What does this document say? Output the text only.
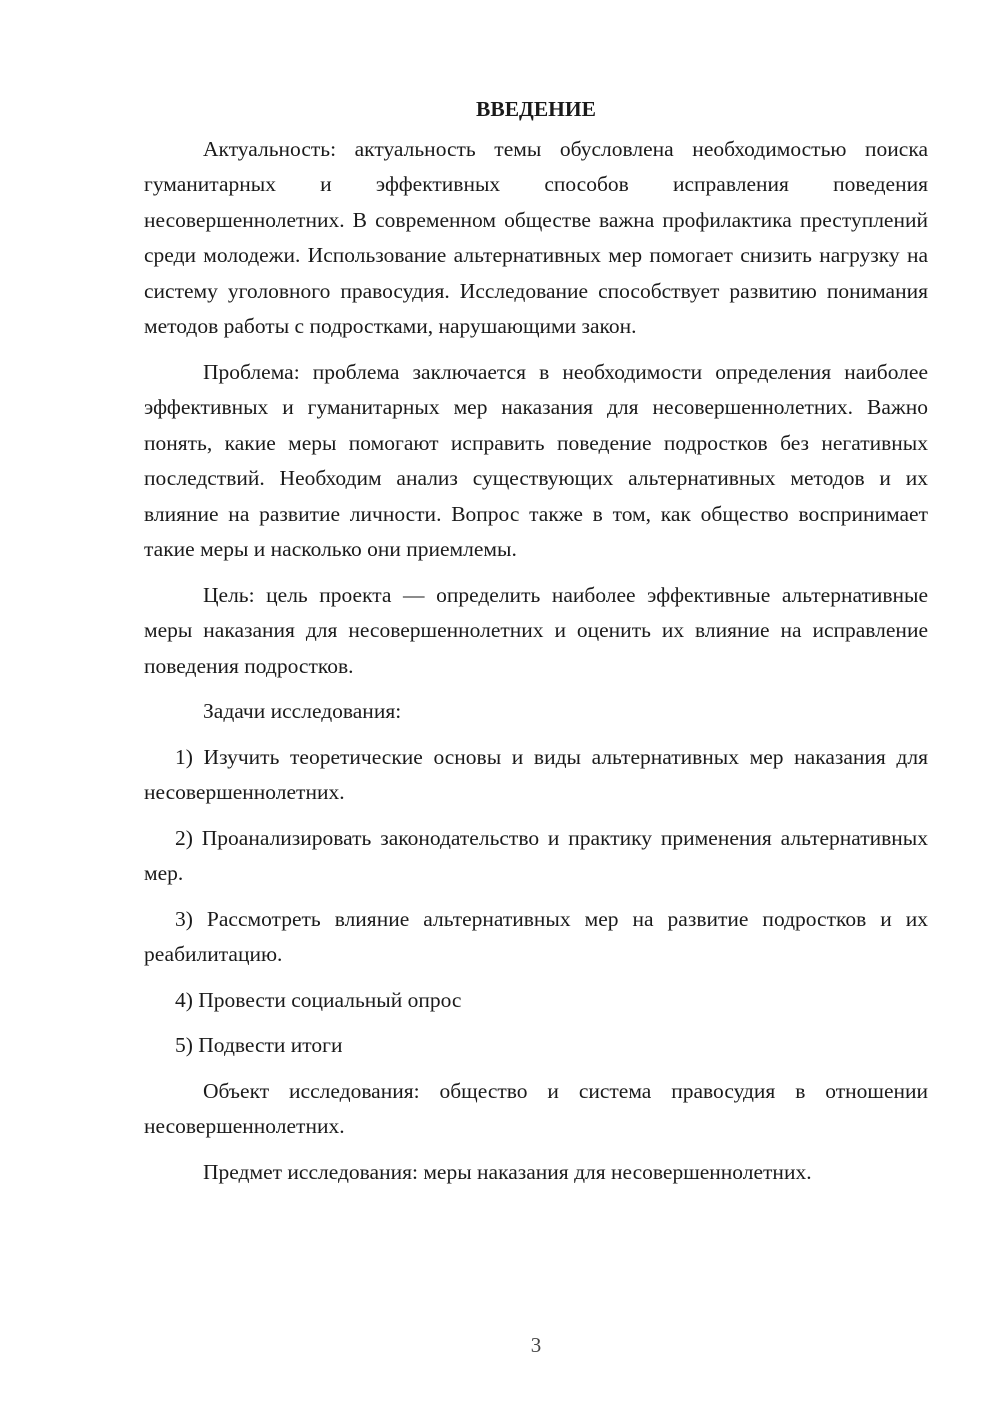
ВВЕДЕНИЕ

Актуальность: актуальность темы обусловлена необходимостью поиска гуманитарных и эффективных способов исправления поведения несовершеннолетних. В современном обществе важна профилактика преступлений среди молодежи. Использование альтернативных мер помогает снизить нагрузку на систему уголовного правосудия. Исследование способствует развитию понимания методов работы с подростками, нарушающими закон.

Проблема: проблема заключается в необходимости определения наиболее эффективных и гуманитарных мер наказания для несовершеннолетних. Важно понять, какие меры помогают исправить поведение подростков без негативных последствий. Необходим анализ существующих альтернативных методов и их влияние на развитие личности. Вопрос также в том, как общество воспринимает такие меры и насколько они приемлемы.

Цель: цель проекта — определить наиболее эффективные альтернативные меры наказания для несовершеннолетних и оценить их влияние на исправление поведения подростков.

Задачи исследования:

1) Изучить теоретические основы и виды альтернативных мер наказания для несовершеннолетних.

2) Проанализировать законодательство и практику применения альтернативных мер.

3) Рассмотреть влияние альтернативных мер на развитие подростков и их реабилитацию.

4) Провести социальный опрос

5) Подвести итоги

Объект исследования: общество и система правосудия в отношении несовершеннолетних.

Предмет исследования: меры наказания для несовершеннолетних.

3
